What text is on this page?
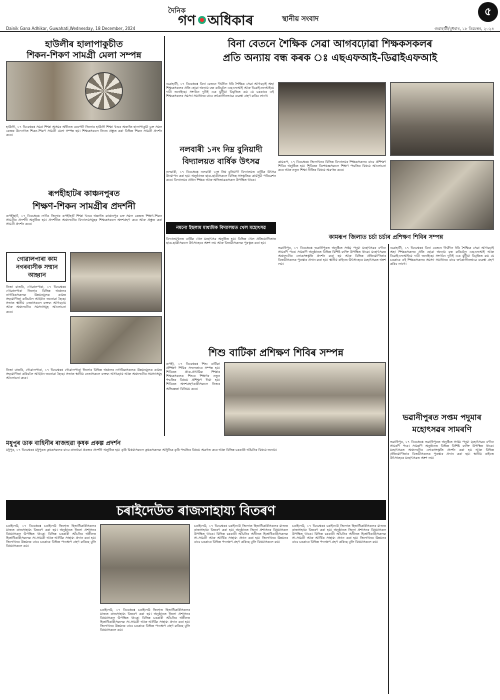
দৈনিক
গণ অধিকাৰ	স্থানীয় সংবাদ
৫
Dainik Gana Adhikar, Guwahati,Wednesday, 18 December, 2024	গুৱাহাটী/বুধবাৰ, ১৮ ডিচেম্বৰ, ২০২৪
হাউলীৰ হালাপাকুচীত
শিকন-শিকণ সামগ্ৰী মেলা সম্পন্ন
হাউলী, ১৭ ডিচেম্বৰঃ সমগ্ৰ শিক্ষা অসমৰ অধীনত বৰপেটা জিলাৰ হাউলী শিক্ষা খণ্ডৰ অন্তৰ্গত হালাপাকুচী চক্ৰ সমল কেন্দ্ৰৰ উদ্যোগত শিকন-শিকণ সামগ্ৰী মেলা সম্পন্ন হয়। শিক্ষকসকলে নিজে প্ৰস্তুত কৰা বিভিন্ন শিকন সামগ্ৰী প্ৰদৰ্শন কৰে।
ৰূপহীহাটৰ কাঞ্চনপুৰত
শিক্ষণ-শিকন সামগ্ৰীৰ প্ৰদৰ্শনী
ৰূপহীহাট, ১৭ ডিচেম্বৰঃ নগাঁও জিলাৰ ৰূপহীহাট শিক্ষা খণ্ডৰ অন্তৰ্গত কাঞ্চনপুৰ চক্ৰ সমল কেন্দ্ৰত শিক্ষণ-শিকন সামগ্ৰীৰ প্ৰদৰ্শনী অনুষ্ঠিত হয়। প্ৰদৰ্শনীত অঞ্চলটোৰ বিদ্যালয়সমূহৰ শিক্ষকসকলে অংশগ্ৰহণ কৰে আৰু প্ৰস্তুত কৰা সামগ্ৰী প্ৰদৰ্শন কৰে।
গোৱালপাৰা কাম নগৰবাসীক সম্মান আহ্বান
নিজা বাতৰি, গোৱালপাৰা, ১৭ ডিচেম্বৰঃ গোৱালপাৰা জিলাৰ বিভিন্ন অঞ্চলৰ নাগৰিকসকলক উন্নয়নমূলক কামত সহযোগিতা কৰিবলৈ আহ্বান জনোৱা হৈছে। সভাত স্থানীয় নেতাসকলে বক্তব্য আগবঢ়ায় আৰু অঞ্চলটোৰ সমস্যাসমূহ আলোচনা কৰে।
বিনা বেতনে শৈক্ষিক সেৱা আগবঢ়োৱা শিক্ষকসকলৰ
প্ৰতি অন্যায় বন্ধ কৰক ঃ এছএফআই-ডিৱাইএফআই
গুৱাহাটী, ১৭ ডিচেম্বৰঃ বিনা বেতনে দীৰ্ঘদিন ধৰি শৈক্ষিক সেৱা আগবঢ়াই অহা শিক্ষকসকলৰ প্ৰতি হোৱা অন্যায় বন্ধ কৰিবলৈ এছএফআই আৰু ডিৱাইএফআইয়ে দাবী জনাইছে। সংগঠন দুটাই এক যুটীয়া বিবৃতিত কয় যে চৰকাৰে এই শিক্ষকসকলৰ সমস্যা সমাধানৰ বাবে তৎকালীনভাৱে ব্যৱস্থা গ্ৰহণ কৰিব লাগে।
নলবাৰী ১নং নিম্ন বুনিয়াদী
বিদ্যালয়ত বাৰ্ষিক উৎসৱ
নলবাৰী, ১৭ ডিচেম্বৰঃ নলবাৰী ১নং নিম্ন বুনিয়াদী বিদ্যালয়ত বাৰ্ষিক উৎসৱ উদযাপন কৰা হয়। অনুষ্ঠানত ছাত্ৰ-ছাত্ৰীসকলে বিভিন্ন সাংস্কৃতিক কাৰ্যসূচী পৰিৱেশন কৰে। বিদ্যালয়ৰ প্ৰধান শিক্ষক আৰু অভিভাৱকসকল উপস্থিত থাকে।
কামৰূপ, ১৭ ডিচেম্বৰঃ জিলাখনৰ বিভিন্ন বিদ্যালয়ৰ শিক্ষকসকলৰ বাবে প্ৰশিক্ষণ শিবিৰ অনুষ্ঠিত হয়। শিবিৰত বিশেষজ্ঞসকলে শিক্ষণ পদ্ধতিৰ বিষয়ে আলোচনা কৰে আৰু নতুন শিক্ষা নীতিৰ বিষয়ে অৱগত কৰে।
কামৰূপ জিলাত চৰ্চা চৰ্চাৰ প্ৰশিক্ষণ শিবিৰ সম্পন্ন
নমনো ইছলাম মাধ্যমিক বিদ্যালয়ত খেল মহোৎসৱ
বিদ্যালয়খনত বাৰ্ষিক খেল মহোৎসৱ অনুষ্ঠিত হয়। বিভিন্ন খেল প্ৰতিযোগিতাত ছাত্ৰ-ছাত্ৰীসকলে উৎসাহেৰে অংশ লয় আৰু বিজয়ীসকলক পুৰস্কৃত কৰা হয়।
ভৱানীপুৰ, ১৭ ডিচেম্বৰঃ ভৱানীপুৰত অনুষ্ঠিত সপ্তম পদুমা মহোৎসৱৰ বৰ্ণাঢ্য সামৰণি পৰে। সামৰণি অনুষ্ঠানত বিভিন্ন বিশিষ্ট ব্যক্তি উপস্থিত থাকে। মহোৎসৱত অঞ্চলটোৰ লোকসংস্কৃতি প্ৰদৰ্শন কৰা হয় আৰু বিভিন্ন প্ৰতিযোগিতাৰ বিজয়ীসকলক পুৰস্কাৰ প্ৰদান কৰা হয়। স্থানীয় ৰাইজে উৎসাহেৰে মহোৎসৱত অংশ লয়।
গুৱাহাটী, ১৭ ডিচেম্বৰঃ বিনা বেতনে দীৰ্ঘদিন ধৰি শৈক্ষিক সেৱা আগবঢ়াই অহা শিক্ষকসকলৰ প্ৰতি হোৱা অন্যায় বন্ধ কৰিবলৈ এছএফআই আৰু ডিৱাইএফআইয়ে দাবী জনাইছে। সংগঠন দুটাই এক যুটীয়া বিবৃতিত কয় যে চৰকাৰে এই শিক্ষকসকলৰ সমস্যা সমাধানৰ বাবে তৎকালীনভাৱে ব্যৱস্থা গ্ৰহণ কৰিব লাগে।
ভৱানীপুৰত সপ্তম পদুমাৰ
মহোৎসৱৰ সামৰণি
ভৱানীপুৰ, ১৭ ডিচেম্বৰঃ ভৱানীপুৰত অনুষ্ঠিত সপ্তম পদুমা মহোৎসৱৰ বৰ্ণাঢ্য সামৰণি পৰে। সামৰণি অনুষ্ঠানত বিভিন্ন বিশিষ্ট ব্যক্তি উপস্থিত থাকে। মহোৎসৱত অঞ্চলটোৰ লোকসংস্কৃতি প্ৰদৰ্শন কৰা হয় আৰু বিভিন্ন প্ৰতিযোগিতাৰ বিজয়ীসকলক পুৰস্কাৰ প্ৰদান কৰা হয়। স্থানীয় ৰাইজে উৎসাহেৰে মহোৎসৱত অংশ লয়।
শিশু বাটিকা প্ৰশিক্ষণ শিবিৰ সম্পন্ন
ৰূপহী, ১৭ ডিচেম্বৰঃ শিশু বাটিকা প্ৰশিক্ষণ শিবিৰ সফলতাৰে সম্পন্ন হয়। শিবিৰত প্ৰাক-প্ৰাথমিক শিক্ষাৰ শিক্ষকসকলক শিশুৰ শিক্ষণৰ নতুন পদ্ধতিৰ বিষয়ে প্ৰশিক্ষণ দিয়া হয়। শিবিৰত অংশগ্ৰহণকাৰীসকলে নিজৰ অভিজ্ঞতা বিনিময় কৰে।
নিজা বাতৰি, গোৱালপাৰা, ১৭ ডিচেম্বৰঃ গোৱালপাৰা জিলাৰ বিভিন্ন অঞ্চলৰ নাগৰিকসকলক উন্নয়নমূলক কামত সহযোগিতা কৰিবলৈ আহ্বান জনোৱা হৈছে। সভাত স্থানীয় নেতাসকলে বক্তব্য আগবঢ়ায় আৰু অঞ্চলটোৰ সমস্যাসমূহ আলোচনা কৰে।
মধুপুৰ ডাক বাহিনীৰ ৰাজহুৱা কৃষক প্ৰকল্প প্ৰদৰ্শন
মধুপুৰ, ১৭ ডিচেম্বৰঃ মধুপুৰত কৃষকসকলৰ বাবে ৰাজহুৱা প্ৰকল্পৰ প্ৰদৰ্শনী অনুষ্ঠিত হয়। কৃষি বিষয়াসকলে কৃষকসকলক আধুনিক কৃষি পদ্ধতিৰ বিষয়ে অৱগত কৰে আৰু বিভিন্ন চৰকাৰী আঁচনিৰ বিষয়ে জনায়।
চৰাইদেউত ৰাজসাহায্য বিতৰণ
চৰাইদেউ, ১৭ ডিচেম্বৰঃ চৰাইদেউ জিলাত হিতাধিকাৰীসকলৰ মাজত ৰাজসাহায্য বিতৰণ কৰা হয়। অনুষ্ঠানত জিলা প্ৰশাসনৰ বিষয়াসকল উপস্থিত থাকে। বিভিন্ন চৰকাৰী আঁচনিৰ অধীনত হিতাধিকাৰীসকলক সা-সামগ্ৰী আৰু আৰ্থিক সাহায্য প্ৰদান কৰা হয়। জিলাখনৰ উন্নয়নৰ বাবে চৰকাৰে বিভিন্ন পদক্ষেপ গ্ৰহণ কৰিছে বুলি বিষয়াসকলে কয়।
চৰাইদেউ, ১৭ ডিচেম্বৰঃ চৰাইদেউ জিলাত হিতাধিকাৰীসকলৰ মাজত ৰাজসাহায্য বিতৰণ কৰা হয়। অনুষ্ঠানত জিলা প্ৰশাসনৰ বিষয়াসকল উপস্থিত থাকে। বিভিন্ন চৰকাৰী আঁচনিৰ অধীনত হিতাধিকাৰীসকলক সা-সামগ্ৰী আৰু আৰ্থিক সাহায্য প্ৰদান কৰা হয়। জিলাখনৰ উন্নয়নৰ বাবে চৰকাৰে বিভিন্ন পদক্ষেপ গ্ৰহণ কৰিছে বুলি বিষয়াসকলে কয়।
চৰাইদেউ, ১৭ ডিচেম্বৰঃ চৰাইদেউ জিলাত হিতাধিকাৰীসকলৰ মাজত ৰাজসাহায্য বিতৰণ কৰা হয়। অনুষ্ঠানত জিলা প্ৰশাসনৰ বিষয়াসকল উপস্থিত থাকে। বিভিন্ন চৰকাৰী আঁচনিৰ অধীনত হিতাধিকাৰীসকলক সা-সামগ্ৰী আৰু আৰ্থিক সাহায্য প্ৰদান কৰা হয়। জিলাখনৰ উন্নয়নৰ বাবে চৰকাৰে বিভিন্ন পদক্ষেপ গ্ৰহণ কৰিছে বুলি বিষয়াসকলে কয়।
চৰাইদেউ, ১৭ ডিচেম্বৰঃ চৰাইদেউ জিলাত হিতাধিকাৰীসকলৰ মাজত ৰাজসাহায্য বিতৰণ কৰা হয়। অনুষ্ঠানত জিলা প্ৰশাসনৰ বিষয়াসকল উপস্থিত থাকে। বিভিন্ন চৰকাৰী আঁচনিৰ অধীনত হিতাধিকাৰীসকলক সা-সামগ্ৰী আৰু আৰ্থিক সাহায্য প্ৰদান কৰা হয়। জিলাখনৰ উন্নয়নৰ বাবে চৰকাৰে বিভিন্ন পদক্ষেপ গ্ৰহণ কৰিছে বুলি বিষয়াসকলে কয়।
